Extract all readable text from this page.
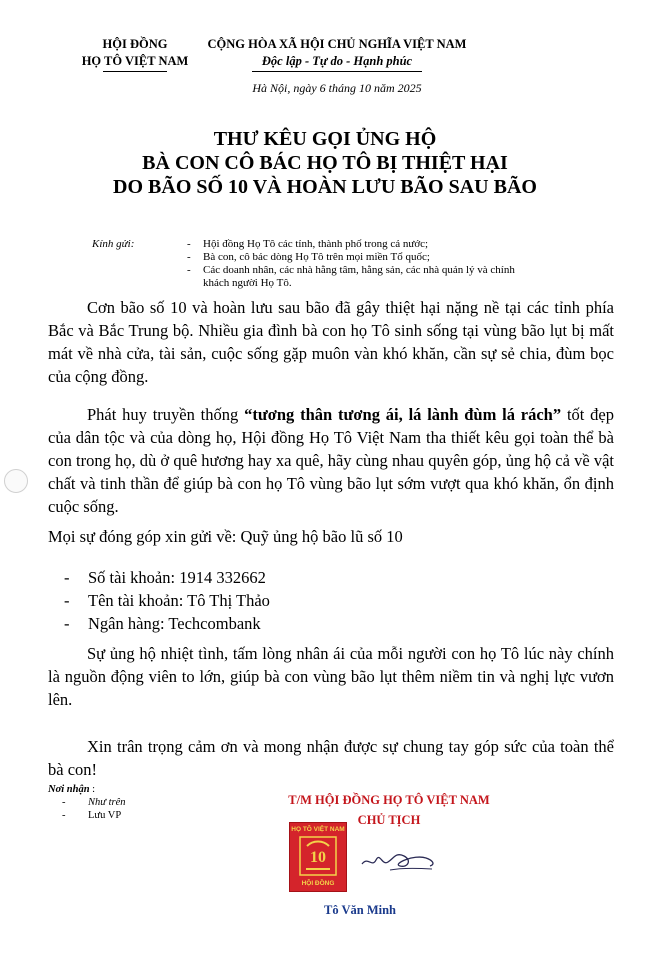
HỘI ĐỒNG
HỌ TÔ VIỆT NAM
CỘNG HÒA XÃ HỘI CHỦ NGHĨA VIỆT NAM
Độc lập - Tự do - Hạnh phúc
Hà Nội, ngày 6 tháng 10 năm 2025
THƯ KÊU GỌI ỦNG HỘ
BÀ CON CÔ BÁC HỌ TÔ BỊ THIỆT HẠI
DO BÃO SỐ 10 VÀ HOÀN LƯU BÃO SAU BÃO
Kính gửi:	- Hội đồng Họ Tô các tỉnh, thành phố trong cả nước;
- Bà con, cô bác dòng Họ Tô trên mọi miền Tổ quốc;
- Các doanh nhân, các nhà hằng tâm, hằng sản, các nhà quản lý và chính khách người Họ Tô.
Cơn bão số 10 và hoàn lưu sau bão đã gây thiệt hại nặng nề tại các tỉnh phía Bắc và Bắc Trung bộ. Nhiều gia đình bà con họ Tô sinh sống tại vùng bão lụt bị mất mát về nhà cửa, tài sản, cuộc sống gặp muôn vàn khó khăn, cần sự sẻ chia, đùm bọc của cộng đồng.
Phát huy truyền thống “tương thân tương ái, lá lành đùm lá rách” tốt đẹp của dân tộc và của dòng họ, Hội đồng Họ Tô Việt Nam tha thiết kêu gọi toàn thể bà con trong họ, dù ở quê hương hay xa quê, hãy cùng nhau quyên góp, ủng hộ cả về vật chất và tinh thần để giúp bà con họ Tô vùng bão lụt sớm vượt qua khó khăn, ổn định cuộc sống.
Mọi sự đóng góp xin gửi về: Quỹ ủng hộ bão lũ số 10
- Số tài khoản: 1914 332662
- Tên tài khoản: Tô Thị Thảo
- Ngân hàng: Techcombank
Sự ủng hộ nhiệt tình, tấm lòng nhân ái của mỗi người con họ Tô lúc này chính là nguồn động viên to lớn, giúp bà con vùng bão lụt thêm niềm tin và nghị lực vươn lên.
Xin trân trọng cảm ơn và mong nhận được sự chung tay góp sức của toàn thể bà con!
Nơi nhận :
- Như trên
- Lưu VP
T/M HỘI ĐỒNG HỌ TÔ VIỆT NAM
CHỦ TỊCH
HỌ TÔ VIỆT NAM
10
HỘI ĐỒNG
Tô Văn Minh
